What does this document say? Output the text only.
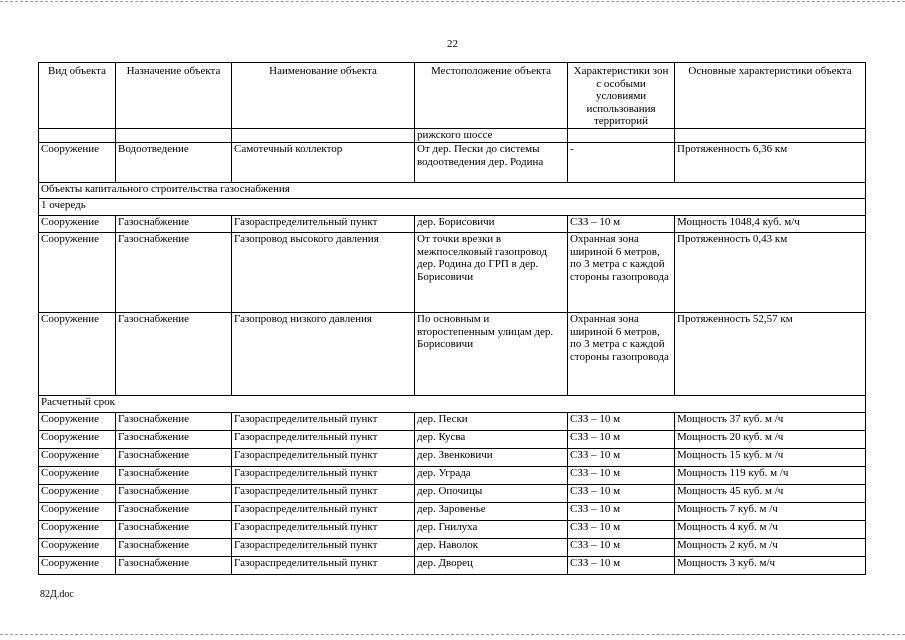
22
Вид объекта	Назначение объекта	Наименование объекта	Местоположение объекта	Характеристики зон с особыми условиями использования территорий	Основные характеристики объекта
			рижского шоссе		
Сооружение	Водоотведение	Самотечный коллектор	От дер. Пески до системы водоотведения дер. Родина	-	Протяженность 6,36 км
Объекты капитального строительства газоснабжения					
1 очередь					
Сооружение	Газоснабжение	Газораспределительный пункт	дер. Борисовичи	СЗЗ – 10 м	Мощность 1048,4 куб. м/ч
Сооружение	Газоснабжение	Газопровод высокого давления	От точки врезки в межпоселковый газопровод дер. Родина до ГРП в дер. Борисовичи	Охранная зона шириной 6 метров, по 3 метра с каждой стороны газопровода	Протяженность 0,43 км
Сооружение	Газоснабжение	Газопровод низкого давления	По основным и второстепенным улицам дер. Борисовичи	Охранная зона шириной 6 метров, по 3 метра с каждой стороны газопровода	Протяженность 52,57 км
Расчетный срок					
Сооружение	Газоснабжение	Газораспределительный пункт	дер. Пески	СЗЗ – 10 м	Мощность 37 куб. м /ч
Сооружение	Газоснабжение	Газораспределительный пункт	дер. Кусва	СЗЗ – 10 м	Мощность 20 куб. м /ч
Сооружение	Газоснабжение	Газораспределительный пункт	дер. Звенковичи	СЗЗ – 10 м	Мощность 15 куб. м /ч
Сооружение	Газоснабжение	Газораспределительный пункт	дер. Уграда	СЗЗ – 10 м	Мощность 119 куб. м /ч
Сооружение	Газоснабжение	Газораспределительный пункт	дер. Опочицы	СЗЗ – 10 м	Мощность 45 куб. м /ч
Сооружение	Газоснабжение	Газораспределительный пункт	дер. Заровенье	СЗЗ – 10 м	Мощность 7 куб. м /ч
Сооружение	Газоснабжение	Газораспределительный пункт	дер. Гнилуха	СЗЗ – 10 м	Мощность 4 куб. м /ч
Сооружение	Газоснабжение	Газораспределительный пункт	дер. Наволок	СЗЗ – 10 м	Мощность 2 куб. м /ч
Сооружение	Газоснабжение	Газораспределительный пункт	дер. Дворец	СЗЗ – 10 м	Мощность 3 куб. м/ч
82Д.doc
